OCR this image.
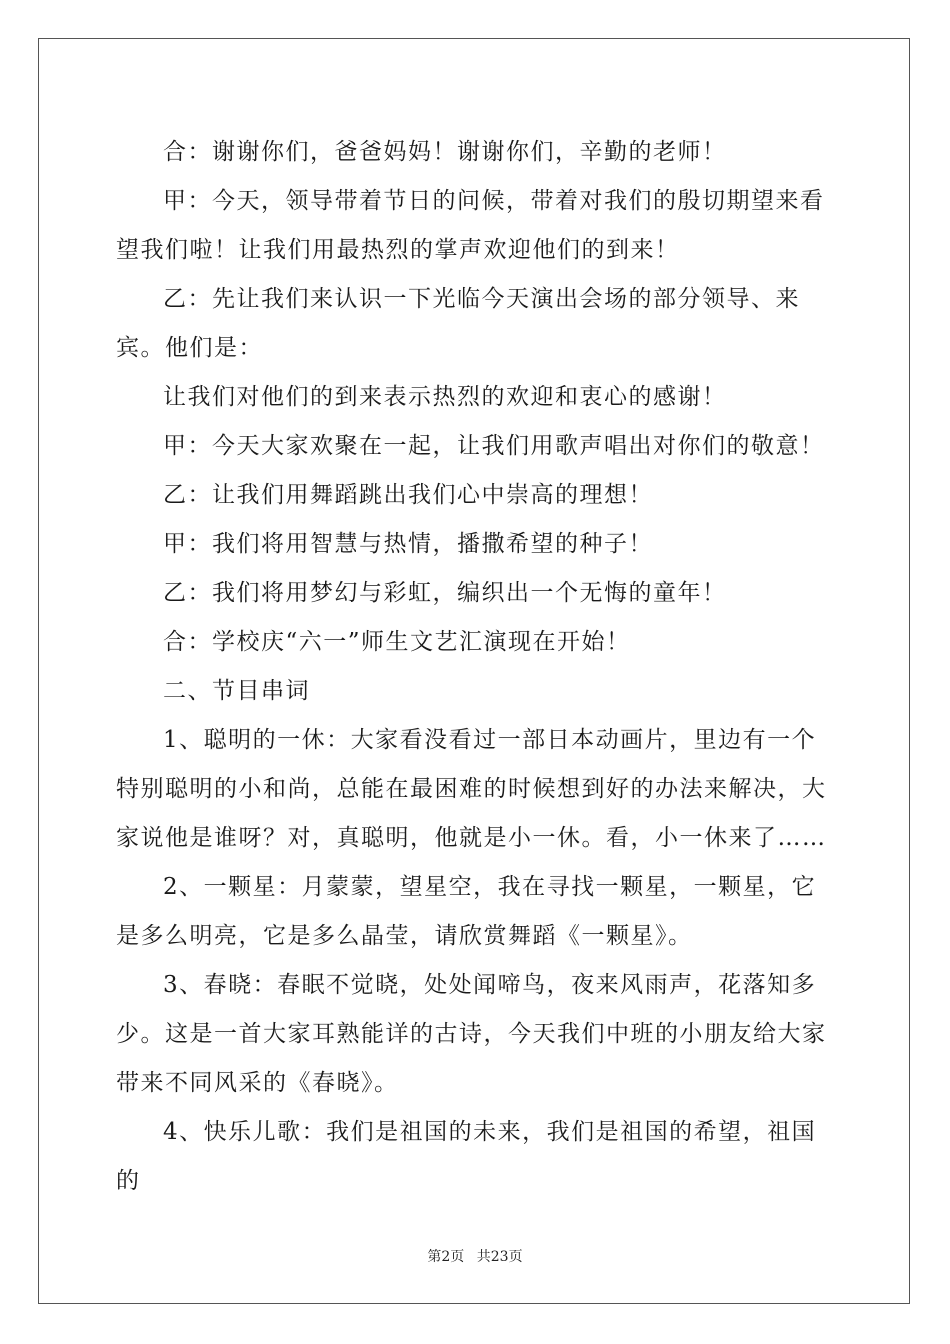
合：谢谢你们，爸爸妈妈！谢谢你们，辛勤的老师！

甲：今天，领导带着节日的问候，带着对我们的殷切期望来看望我们啦！让我们用最热烈的掌声欢迎他们的到来！

乙：先让我们来认识一下光临今天演出会场的部分领导、来宾。他们是：

让我们对他们的到来表示热烈的欢迎和衷心的感谢！

甲：今天大家欢聚在一起，让我们用歌声唱出对你们的敬意！

乙：让我们用舞蹈跳出我们心中崇高的理想！

甲：我们将用智慧与热情，播撒希望的种子！

乙：我们将用梦幻与彩虹，编织出一个无悔的童年！

合：学校庆“六一”师生文艺汇演现在开始！

二、节目串词

1、聪明的一休：大家看没看过一部日本动画片，里边有一个特别聪明的小和尚，总能在最困难的时候想到好的办法来解决，大家说他是谁呀？对，真聪明，他就是小一休。看，小一休来了……

2、一颗星：月蒙蒙，望星空，我在寻找一颗星，一颗星，它是多么明亮，它是多么晶莹，请欣赏舞蹈《一颗星》。

3、春晓：春眠不觉晓，处处闻啼鸟，夜来风雨声，花落知多少。这是一首大家耳熟能详的古诗，今天我们中班的小朋友给大家带来不同风采的《春晓》。

4、快乐儿歌：我们是祖国的未来，我们是祖国的希望，祖国的

第2页 共23页
